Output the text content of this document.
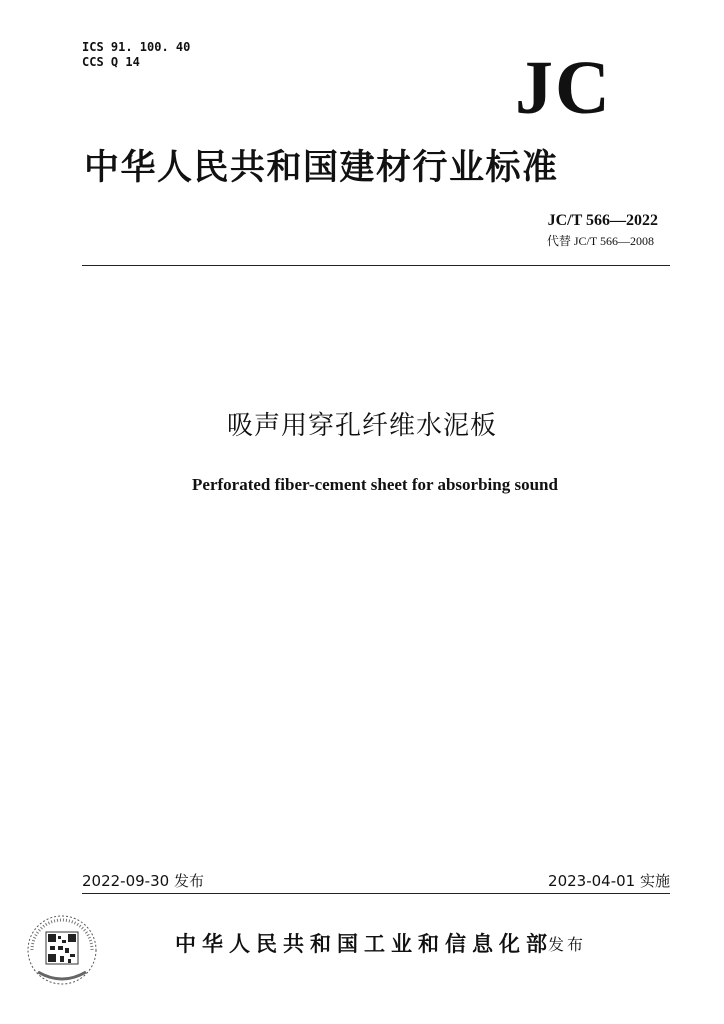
ICS 91. 100. 40
CCS Q 14	JC
中华人民共和国建材行业标准
JC/T 566—2022
代替 JC/T 566—2008
吸声用穿孔纤维水泥板
Perforated fiber-cement sheet for absorbing sound
2022-09-30 发布	2023-04-01 实施
中华人民共和国工业和信息化部
发布
